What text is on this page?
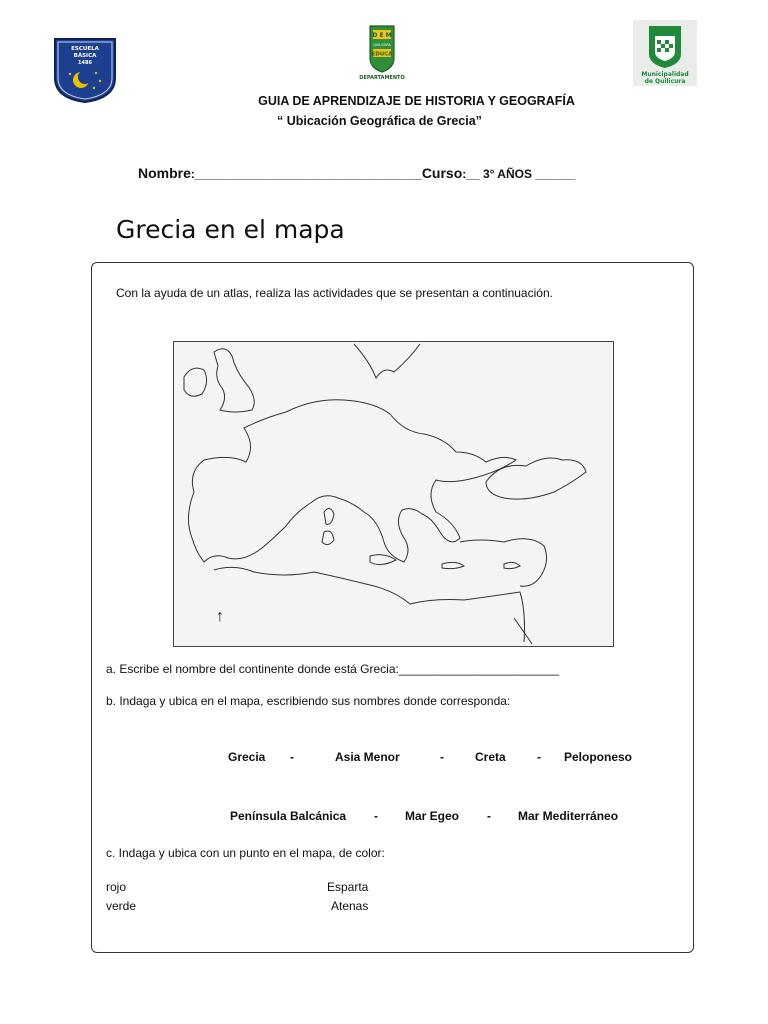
ESCUELA
BÁSICA
1486
D E M
QUILICURA
EDUCA
DEPARTAMENTO	Municipalidad
de Quilicura
GUIA DE APRENDIZAJE DE HISTORIA Y GEOGRAFÍA
“ Ubicación Geográfica de Grecia”
Nombre:__________________________________Curso:__ 3° AÑOS ______
Grecia en el mapa
Con la ayuda de un atlas, realiza las actividades que se presentan a continuación.
↑
a. Escribe el nombre del continente donde está Grecia:________________________
b. Indaga y ubica en el mapa, escribiendo sus nombres donde corresponda:
Grecia -	Asia Menor	-	Creta	- Peloponeso
Península Balcánica - Mar Egeo - Mar Mediterráneo
c. Indaga y ubica con un punto en el mapa, de color:
rojo	Esparta
verde	Atenas
